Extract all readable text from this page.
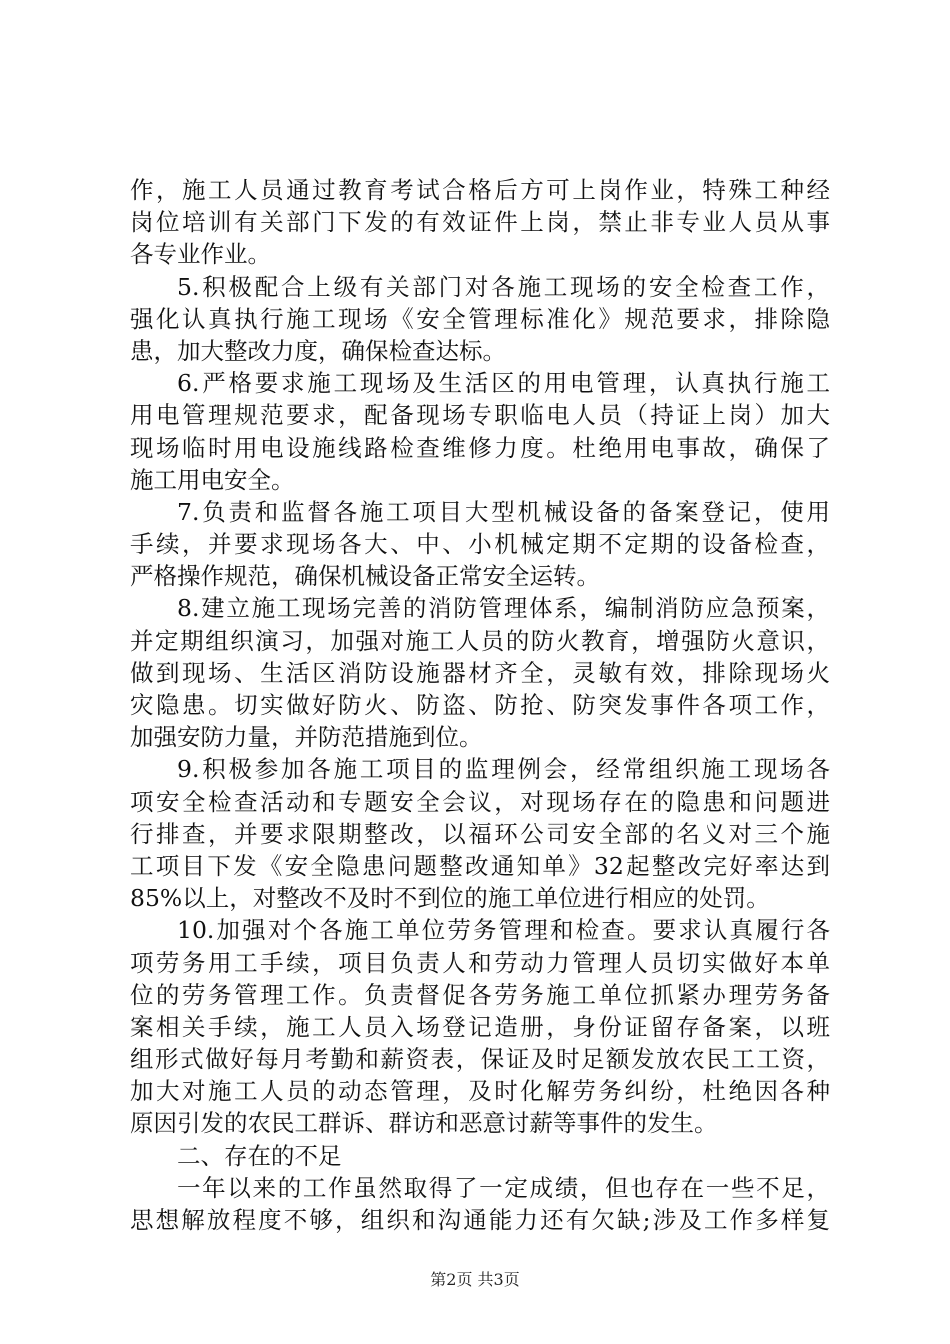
作，施工人员通过教育考试合格后方可上岗作业，特殊工种经
岗位培训有关部门下发的有效证件上岗，禁止非专业人员从事
各专业作业。
5.积极配合上级有关部门对各施工现场的安全检查工作，
强化认真执行施工现场《安全管理标准化》规范要求，排除隐
患，加大整改力度，确保检查达标。
6.严格要求施工现场及生活区的用电管理，认真执行施工
用电管理规范要求，配备现场专职临电人员（持证上岗）加大
现场临时用电设施线路检查维修力度。杜绝用电事故，确保了
施工用电安全。
7.负责和监督各施工项目大型机械设备的备案登记，使用
手续，并要求现场各大、中、小机械定期不定期的设备检查，
严格操作规范，确保机械设备正常安全运转。
8.建立施工现场完善的消防管理体系，编制消防应急预案，
并定期组织演习，加强对施工人员的防火教育，增强防火意识，
做到现场、生活区消防设施器材齐全，灵敏有效，排除现场火
灾隐患。切实做好防火、防盗、防抢、防突发事件各项工作，
加强安防力量，并防范措施到位。
9.积极参加各施工项目的监理例会，经常组织施工现场各
项安全检查活动和专题安全会议，对现场存在的隐患和问题进
行排查，并要求限期整改，以福环公司安全部的名义对三个施
工项目下发《安全隐患问题整改通知单》32起整改完好率达到
85%以上，对整改不及时不到位的施工单位进行相应的处罚。
10.加强对个各施工单位劳务管理和检查。要求认真履行各
项劳务用工手续，项目负责人和劳动力管理人员切实做好本单
位的劳务管理工作。负责督促各劳务施工单位抓紧办理劳务备
案相关手续，施工人员入场登记造册，身份证留存备案，以班
组形式做好每月考勤和薪资表，保证及时足额发放农民工工资，
加大对施工人员的动态管理，及时化解劳务纠纷，杜绝因各种
原因引发的农民工群诉、群访和恶意讨薪等事件的发生。
二、存在的不足
一年以来的工作虽然取得了一定成绩，但也存在一些不足，
思想解放程度不够，组织和沟通能力还有欠缺;涉及工作多样复
第2页 共3页
